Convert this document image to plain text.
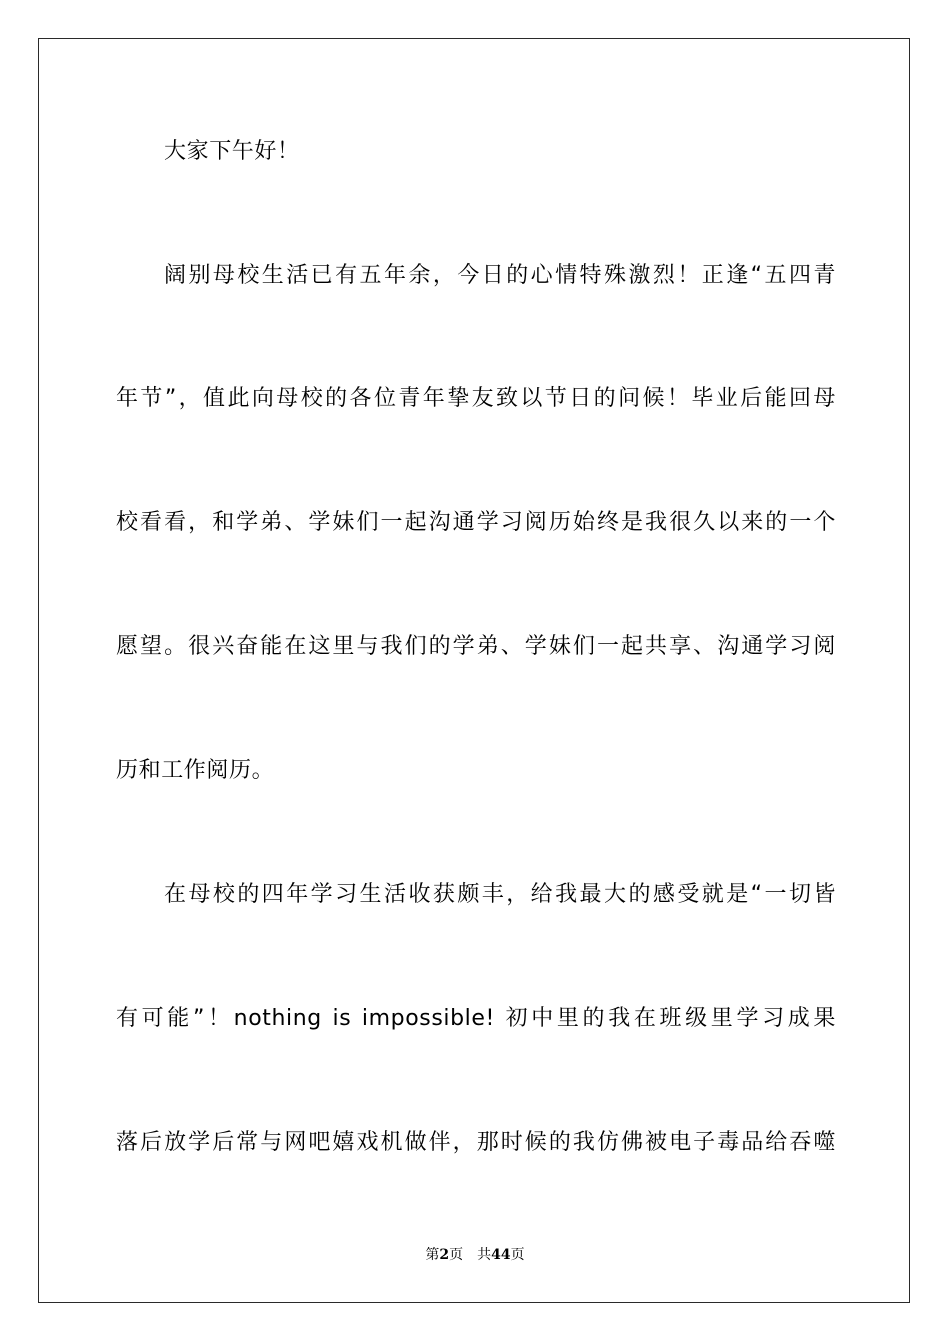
大家下午好！
阔别母校生活已有五年余，今日的心情特殊激烈！正逢“五四青
年节”，值此向母校的各位青年挚友致以节日的问候！毕业后能回母
校看看，和学弟、学妹们一起沟通学习阅历始终是我很久以来的一个
愿望。很兴奋能在这里与我们的学弟、学妹们一起共享、沟通学习阅
历和工作阅历。
在母校的四年学习生活收获颇丰，给我最大的感受就是“一切皆
有可能”！nothing is impossible! 初中里的我在班级里学习成果
落后放学后常与网吧嬉戏机做伴，那时候的我仿佛被电子毒品给吞噬
第2页 共44页
